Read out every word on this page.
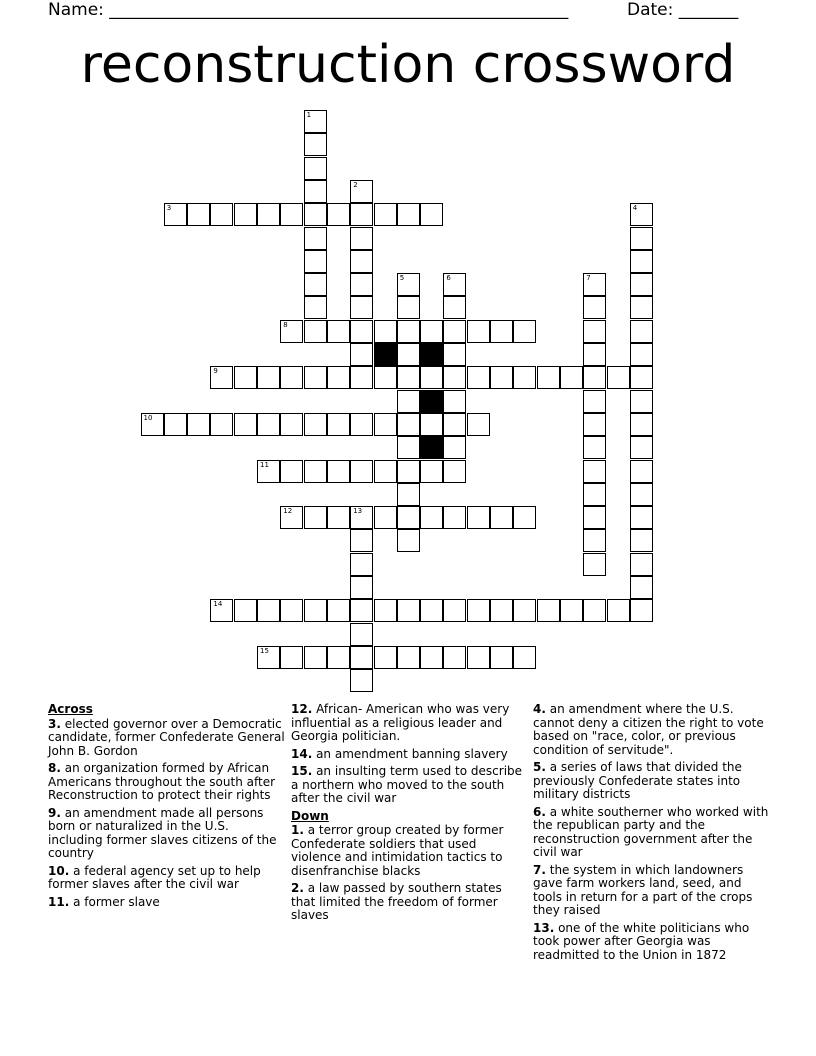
Name: ______________________________________________________	Date: _______
reconstruction crossword
1
2
3	4
5	6	7
8
9
10
11
12	13
14
15
Across
3. elected governor over a Democratic candidate, former Confederate General John B. Gordon
8. an organization formed by African Americans throughout the south after Reconstruction to protect their rights
9. an amendment made all persons born or naturalized in the U.S. including former slaves citizens of the country
10. a federal agency set up to help former slaves after the civil war
11. a former slave
12. African- American who was very influential as a religious leader and Georgia politician.
14. an amendment banning slavery
15. an insulting term used to describe a northern who moved to the south after the civil war
Down
1. a terror group created by former Confederate soldiers that used violence and intimidation tactics to disenfranchise blacks
2. a law passed by southern states that limited the freedom of former slaves
4. an amendment where the U.S. cannot deny a citizen the right to vote based on "race, color, or previous condition of servitude".
5. a series of laws that divided the previously Confederate states into military districts
6. a white southerner who worked with the republican party and the reconstruction government after the civil war
7. the system in which landowners gave farm workers land, seed, and tools in return for a part of the crops they raised
13. one of the white politicians who took power after Georgia was readmitted to the Union in 1872
